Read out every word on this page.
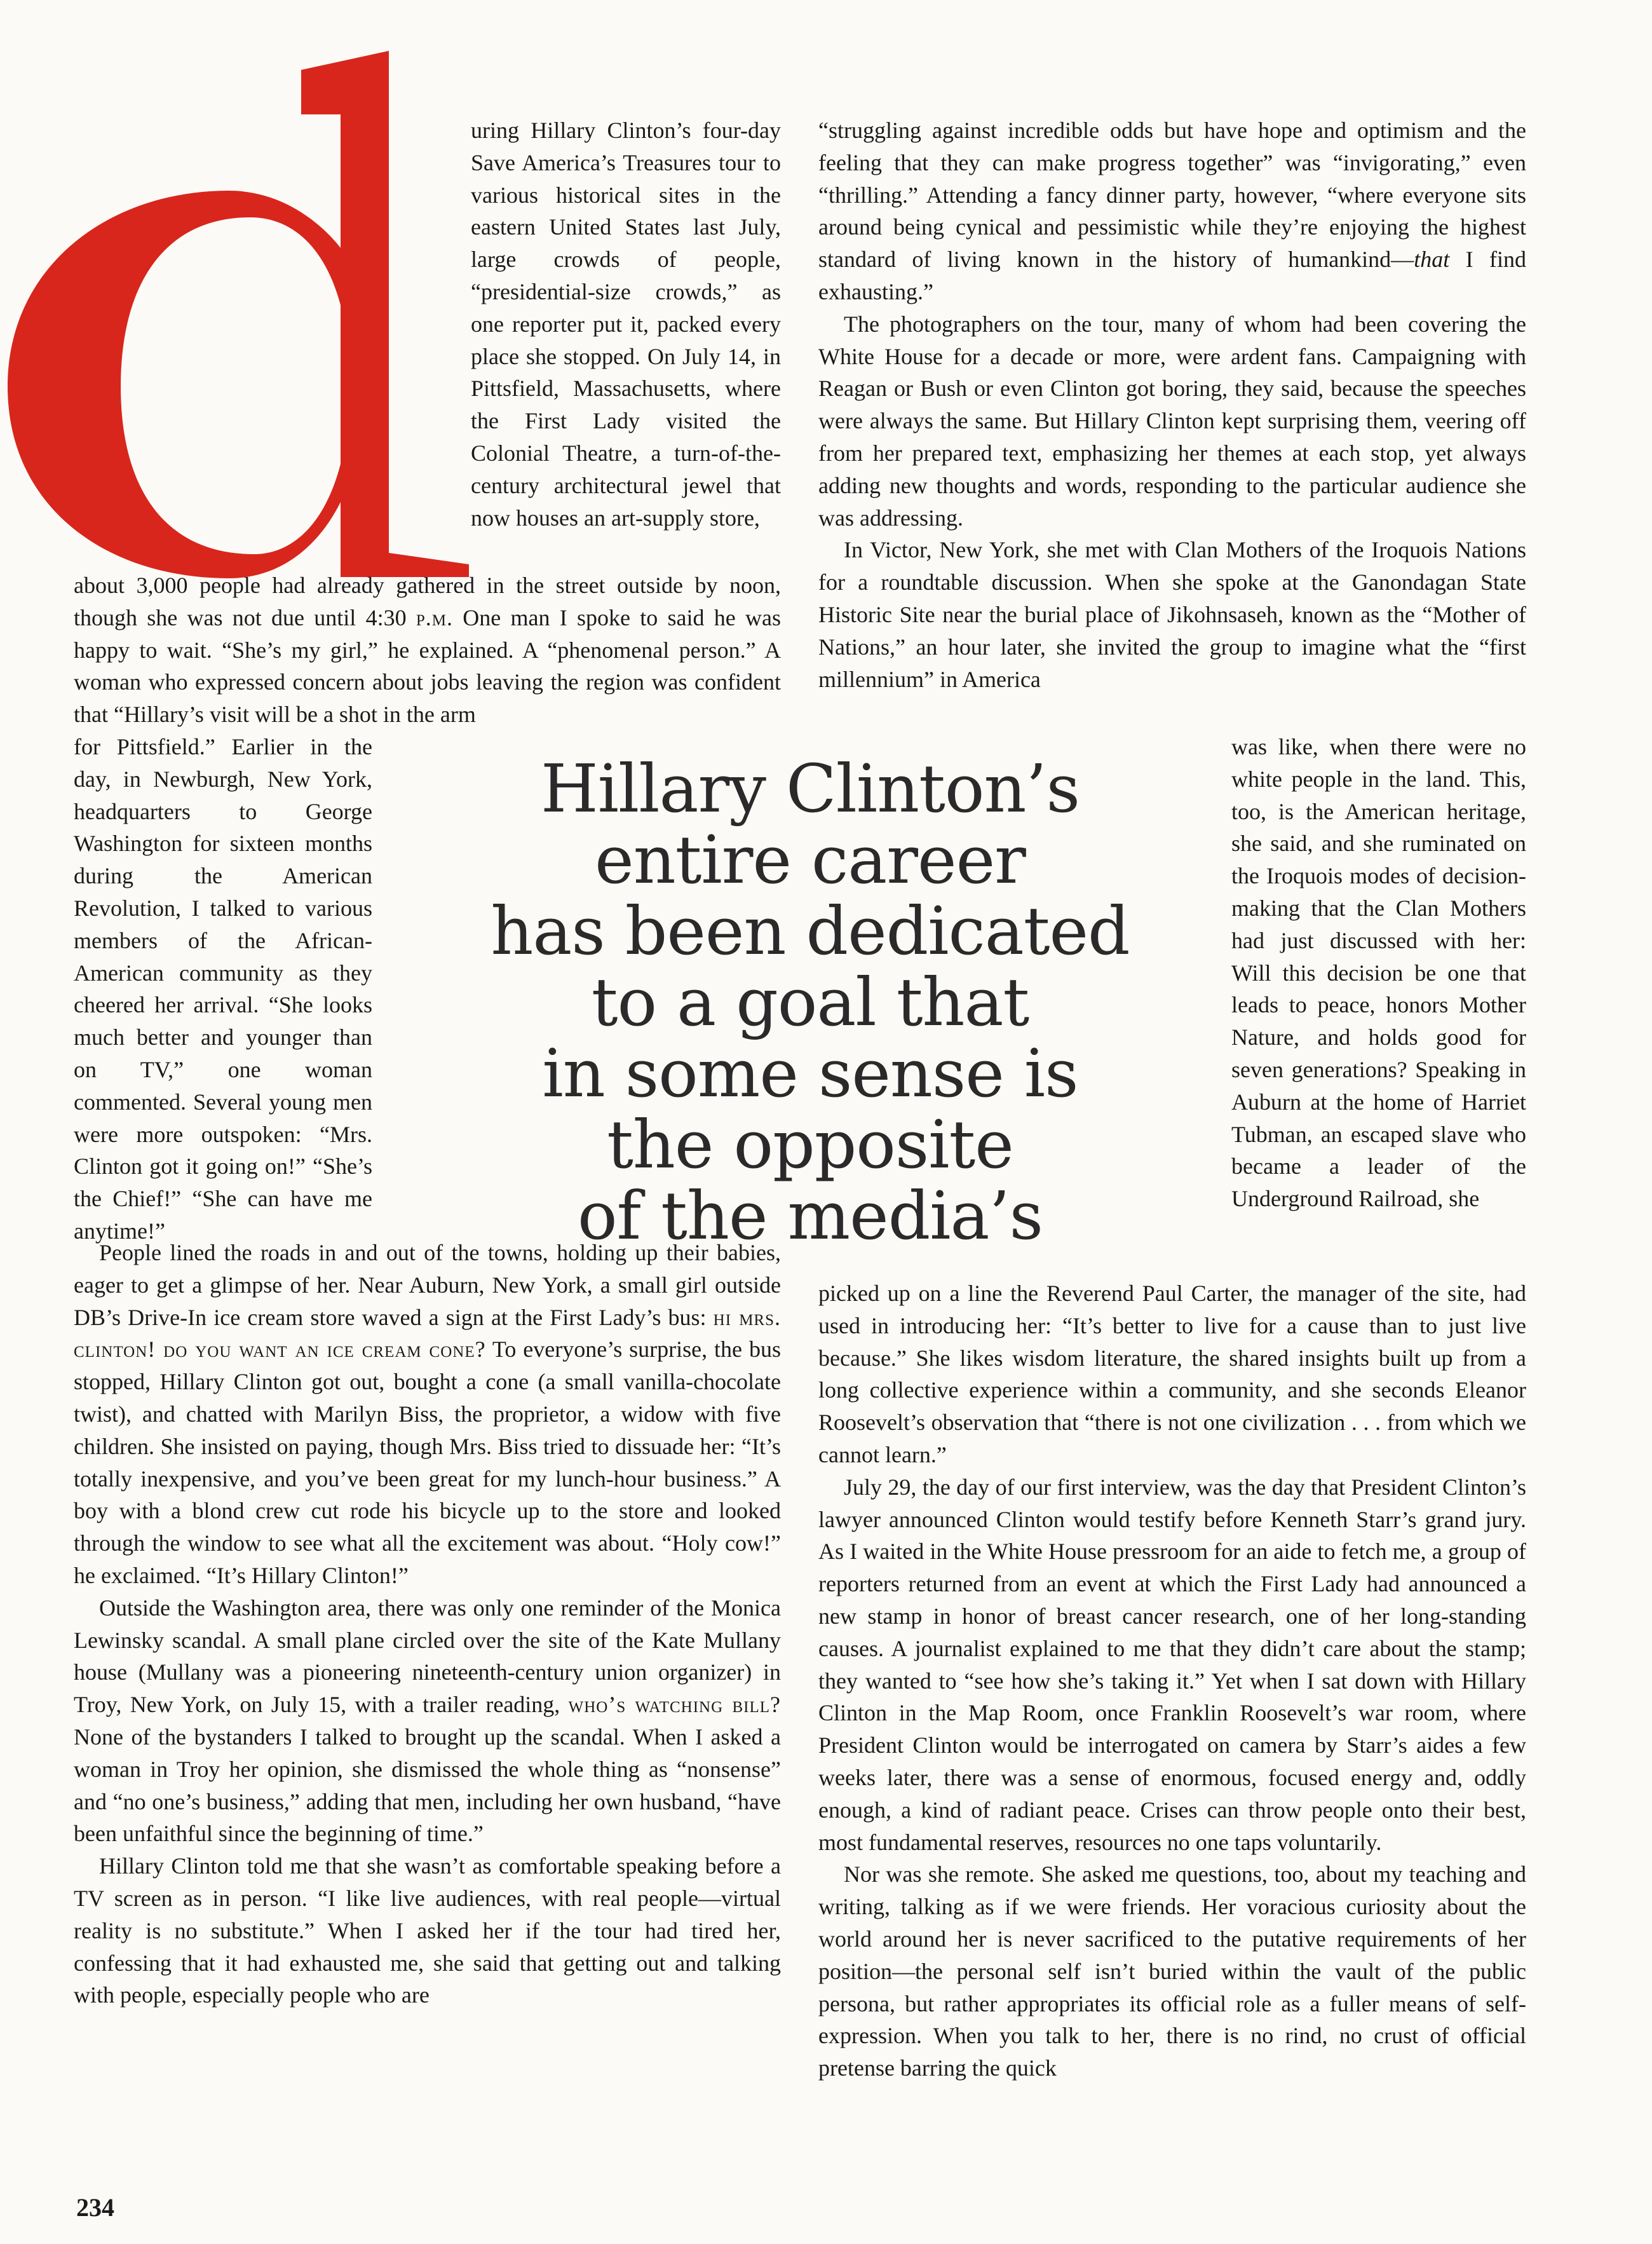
uring Hillary Clinton’s four-day Save America’s Treasures tour to various historical sites in the eastern United States last July, large crowds of people, “presidential-size crowds,” as one reporter put it, packed every place she stopped. On July 14, in Pittsfield, Massachusetts, where the First Lady visited the Colonial Theatre, a turn-of-the-century architectural jewel that now houses an art-supply store,

about 3,000 people had already gathered in the street outside by noon, though she was not due until 4:30 p.m. One man I spoke to said he was happy to wait. “She’s my girl,” he explained. A “phenomenal person.” A woman who expressed concern about jobs leaving the region was confident that “Hillary’s visit will be a shot in the arm

for Pittsfield.” Earlier in the day, in Newburgh, New York, headquarters to George Washington for sixteen months during the American Revolution, I talked to various members of the African-American community as they cheered her arrival. “She looks much better and younger than on TV,” one woman commented. Several young men were more outspoken: “Mrs. Clinton got it going on!” “She’s the Chief!” “She can have me anytime!”

Hillary Clinton’s
entire career
has been dedicated
to a goal that
in some sense is
the opposite
of the media’s

People lined the roads in and out of the towns, holding up their babies, eager to get a glimpse of her. Near Auburn, New York, a small girl outside DB’s Drive-In ice cream store waved a sign at the First Lady’s bus: hi mrs. clinton! do you want an ice cream cone? To everyone’s surprise, the bus stopped, Hillary Clinton got out, bought a cone (a small vanilla-chocolate twist), and chatted with Marilyn Biss, the proprietor, a widow with five children. She insisted on paying, though Mrs. Biss tried to dissuade her: “It’s totally inexpensive, and you’ve been great for my lunch-hour business.” A boy with a blond crew cut rode his bicycle up to the store and looked through the window to see what all the excitement was about. “Holy cow!” he exclaimed. “It’s Hillary Clinton!”

Outside the Washington area, there was only one reminder of the Monica Lewinsky scandal. A small plane circled over the site of the Kate Mullany house (Mullany was a pioneering nineteenth-century union organizer) in Troy, New York, on July 15, with a trailer reading, who’s watching bill? None of the bystanders I talked to brought up the scandal. When I asked a woman in Troy her opinion, she dismissed the whole thing as “nonsense” and “no one’s business,” adding that men, including her own husband, “have been unfaithful since the beginning of time.”

Hillary Clinton told me that she wasn’t as comfortable speaking before a TV screen as in person. “I like live audiences, with real people—virtual reality is no substitute.” When I asked her if the tour had tired her, confessing that it had exhausted me, she said that getting out and talking with people, especially people who are

“struggling against incredible odds but have hope and optimism and the feeling that they can make progress together” was “invigorating,” even “thrilling.” Attending a fancy dinner party, however, “where everyone sits around being cynical and pessimistic while they’re enjoying the highest standard of living known in the history of humankind—that I find exhausting.”

The photographers on the tour, many of whom had been covering the White House for a decade or more, were ardent fans. Campaigning with Reagan or Bush or even Clinton got boring, they said, because the speeches were always the same. But Hillary Clinton kept surprising them, veering off from her prepared text, emphasizing her themes at each stop, yet always adding new thoughts and words, responding to the particular audience she was addressing.

In Victor, New York, she met with Clan Mothers of the Iroquois Nations for a roundtable discussion. When she spoke at the Ganondagan State Historic Site near the burial place of Jikohnsaseh, known as the “Mother of Nations,” an hour later, she invited the group to imagine what the “first millennium” in America

was like, when there were no white people in the land. This, too, is the American heritage, she said, and she ruminated on the Iroquois modes of decision-making that the Clan Mothers had just discussed with her: Will this decision be one that leads to peace, honors Mother Nature, and holds good for seven generations? Speaking in Auburn at the home of Harriet Tubman, an escaped slave who became a leader of the Underground Railroad, she

picked up on a line the Reverend Paul Carter, the manager of the site, had used in introducing her: “It’s better to live for a cause than to just live because.” She likes wisdom literature, the shared insights built up from a long collective experience within a community, and she seconds Eleanor Roosevelt’s observation that “there is not one civilization . . . from which we cannot learn.”

July 29, the day of our first interview, was the day that President Clinton’s lawyer announced Clinton would testify before Kenneth Starr’s grand jury. As I waited in the White House pressroom for an aide to fetch me, a group of reporters returned from an event at which the First Lady had announced a new stamp in honor of breast cancer research, one of her long-standing causes. A journalist explained to me that they didn’t care about the stamp; they wanted to “see how she’s taking it.” Yet when I sat down with Hillary Clinton in the Map Room, once Franklin Roosevelt’s war room, where President Clinton would be interrogated on camera by Starr’s aides a few weeks later, there was a sense of enormous, focused energy and, oddly enough, a kind of radiant peace. Crises can throw people onto their best, most fundamental reserves, resources no one taps voluntarily.

Nor was she remote. She asked me questions, too, about my teaching and writing, talking as if we were friends. Her voracious curiosity about the world around her is never sacrificed to the putative requirements of her position—the personal self isn’t buried within the vault of the public persona, but rather appropriates its official role as a fuller means of self-expression. When you talk to her, there is no rind, no crust of official pretense barring the quick

234
